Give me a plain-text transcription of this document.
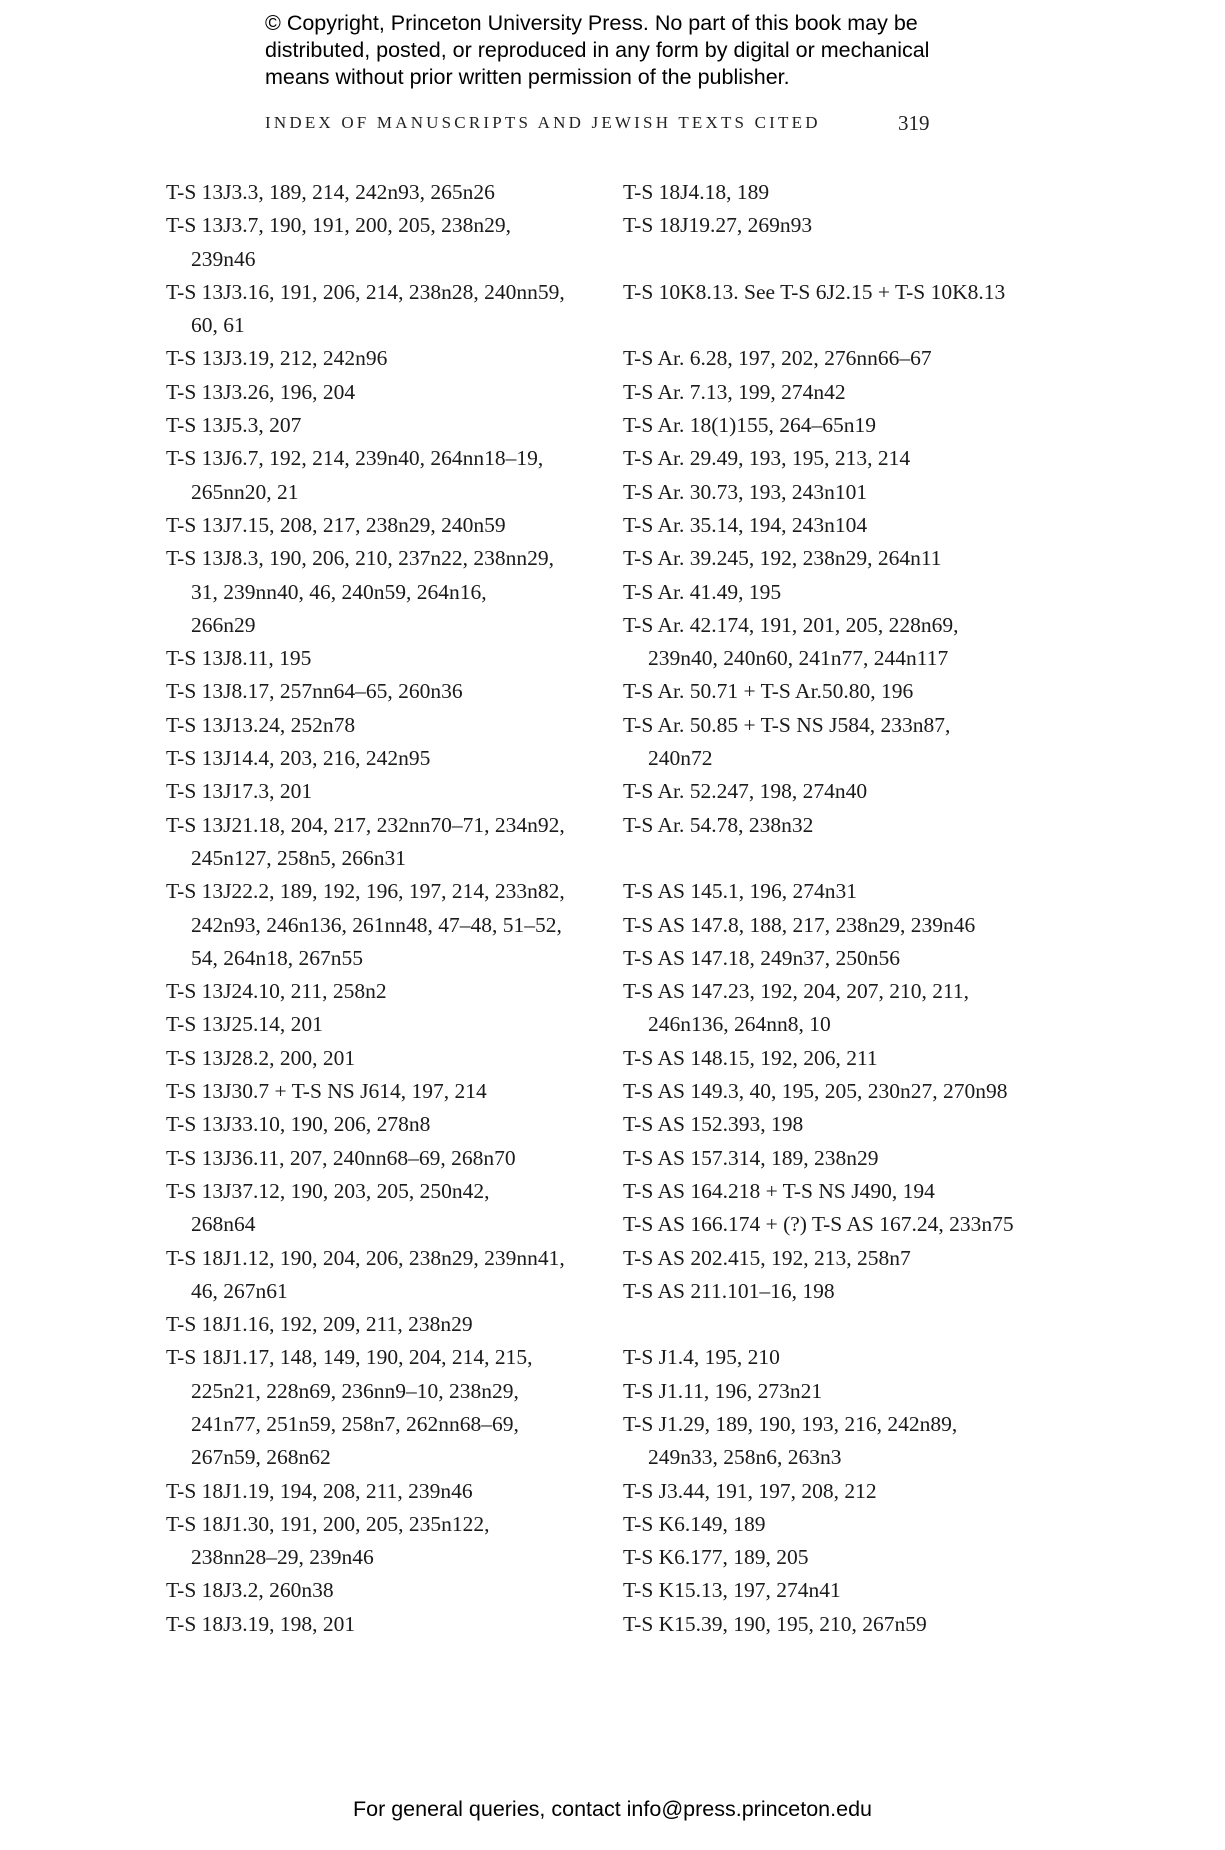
© Copyright, Princeton University Press. No part of this book may be
distributed, posted, or reproduced in any form by digital or mechanical
means without prior written permission of the publisher.
INDEX OF MANUSCRIPTS AND JEWISH TEXTS CITED	319
T-S 13J3.3, 189, 214, 242n93, 265n26
T-S 13J3.7, 190, 191, 200, 205, 238n29,
239n46
T-S 13J3.16, 191, 206, 214, 238n28, 240nn59,
60, 61
T-S 13J3.19, 212, 242n96
T-S 13J3.26, 196, 204
T-S 13J5.3, 207
T-S 13J6.7, 192, 214, 239n40, 264nn18–19,
265nn20, 21
T-S 13J7.15, 208, 217, 238n29, 240n59
T-S 13J8.3, 190, 206, 210, 237n22, 238nn29,
31, 239nn40, 46, 240n59, 264n16,
266n29
T-S 13J8.11, 195
T-S 13J8.17, 257nn64–65, 260n36
T-S 13J13.24, 252n78
T-S 13J14.4, 203, 216, 242n95
T-S 13J17.3, 201
T-S 13J21.18, 204, 217, 232nn70–71, 234n92,
245n127, 258n5, 266n31
T-S 13J22.2, 189, 192, 196, 197, 214, 233n82,
242n93, 246n136, 261nn48, 47–48, 51–52,
54, 264n18, 267n55
T-S 13J24.10, 211, 258n2
T-S 13J25.14, 201
T-S 13J28.2, 200, 201
T-S 13J30.7 + T-S NS J614, 197, 214
T-S 13J33.10, 190, 206, 278n8
T-S 13J36.11, 207, 240nn68–69, 268n70
T-S 13J37.12, 190, 203, 205, 250n42,
268n64
T-S 18J1.12, 190, 204, 206, 238n29, 239nn41,
46, 267n61
T-S 18J1.16, 192, 209, 211, 238n29
T-S 18J1.17, 148, 149, 190, 204, 214, 215,
225n21, 228n69, 236nn9–10, 238n29,
241n77, 251n59, 258n7, 262nn68–69,
267n59, 268n62
T-S 18J1.19, 194, 208, 211, 239n46
T-S 18J1.30, 191, 200, 205, 235n122,
238nn28–29, 239n46
T-S 18J3.2, 260n38
T-S 18J3.19, 198, 201
T-S 18J4.18, 189
T-S 18J19.27, 269n93
T-S 10K8.13. See T-S 6J2.15 + T-S 10K8.13
T-S Ar. 6.28, 197, 202, 276nn66–67
T-S Ar. 7.13, 199, 274n42
T-S Ar. 18(1)155, 264–65n19
T-S Ar. 29.49, 193, 195, 213, 214
T-S Ar. 30.73, 193, 243n101
T-S Ar. 35.14, 194, 243n104
T-S Ar. 39.245, 192, 238n29, 264n11
T-S Ar. 41.49, 195
T-S Ar. 42.174, 191, 201, 205, 228n69,
239n40, 240n60, 241n77, 244n117
T-S Ar. 50.71 + T-S Ar.50.80, 196
T-S Ar. 50.85 + T-S NS J584, 233n87,
240n72
T-S Ar. 52.247, 198, 274n40
T-S Ar. 54.78, 238n32
T-S AS 145.1, 196, 274n31
T-S AS 147.8, 188, 217, 238n29, 239n46
T-S AS 147.18, 249n37, 250n56
T-S AS 147.23, 192, 204, 207, 210, 211,
246n136, 264nn8, 10
T-S AS 148.15, 192, 206, 211
T-S AS 149.3, 40, 195, 205, 230n27, 270n98
T-S AS 152.393, 198
T-S AS 157.314, 189, 238n29
T-S AS 164.218 + T-S NS J490, 194
T-S AS 166.174 + (?) T-S AS 167.24, 233n75
T-S AS 202.415, 192, 213, 258n7
T-S AS 211.101–16, 198
T-S J1.4, 195, 210
T-S J1.11, 196, 273n21
T-S J1.29, 189, 190, 193, 216, 242n89,
249n33, 258n6, 263n3
T-S J3.44, 191, 197, 208, 212
T-S K6.149, 189
T-S K6.177, 189, 205
T-S K15.13, 197, 274n41
T-S K15.39, 190, 195, 210, 267n59
For general queries, contact info@press.princeton.edu
